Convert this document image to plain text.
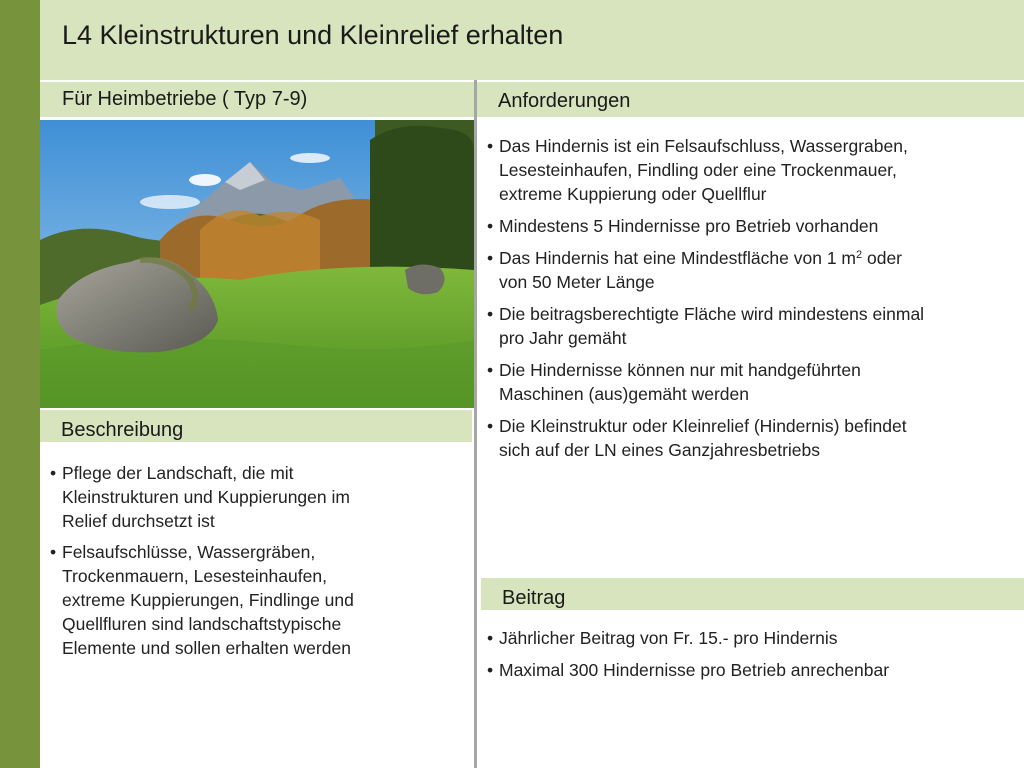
L4 Kleinstrukturen und Kleinrelief erhalten
Für Heimbetriebe ( Typ 7-9)	Anforderungen
Beschreibung
• Pflege der Landschaft, die mit
Kleinstrukturen und Kuppierungen im
Relief durchsetzt ist
• Felsaufschlüsse, Wassergräben,
Trockenmauern, Lesesteinhaufen,
extreme Kuppierungen, Findlinge und
Quellfluren sind landschaftstypische
Elemente und sollen erhalten werden
• Das Hindernis ist ein Felsaufschluss, Wassergraben,
Lesesteinhaufen, Findling oder eine Trockenmauer,
extreme Kuppierung oder Quellflur
• Mindestens 5 Hindernisse pro Betrieb vorhanden
• Das Hindernis hat eine Mindestfläche von 1 $m^2$ oder
von 50 Meter Länge
• Die beitragsberechtigte Fläche wird mindestens einmal
pro Jahr gemäht
• Die Hindernisse können nur mit handgeführten
Maschinen (aus)gemäht werden
• Die Kleinstruktur oder Kleinrelief (Hindernis) befindet
sich auf der LN eines Ganzjahresbetriebs
Beitrag
• Jährlicher Beitrag von Fr. 15.- pro Hindernis
• Maximal 300 Hindernisse pro Betrieb anrechenbar
